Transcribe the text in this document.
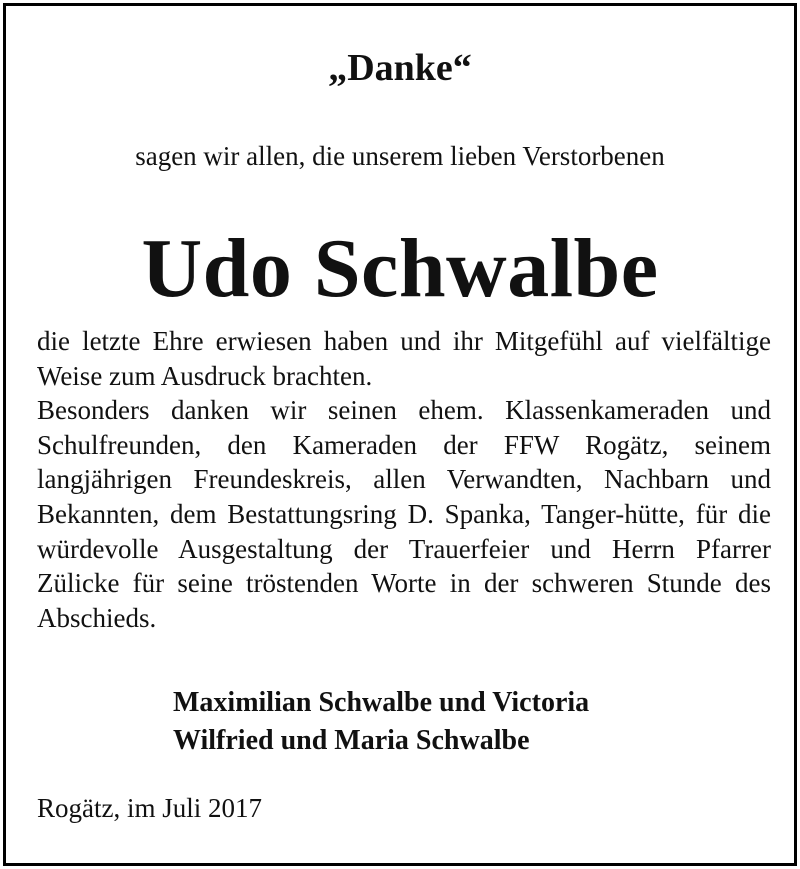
„Danke“
sagen wir allen, die unserem lieben Verstorbenen
Udo Schwalbe

die letzte Ehre erwiesen haben und ihr Mitgefühl auf vielfältige Weise zum Ausdruck brachten.

Besonders danken wir seinen ehem. Klassenkameraden und Schulfreunden, den Kameraden der FFW Rogätz, seinem langjährigen Freundeskreis, allen Verwandten, Nachbarn und Bekannten, dem Bestattungsring D. Spanka, Tanger-hütte, für die würdevolle Ausgestaltung der Trauerfeier und Herrn Pfarrer Zülicke für seine tröstenden Worte in der schweren Stunde des Abschieds.

Maximilian Schwalbe und Victoria
Wilfried und Maria Schwalbe
Rogätz, im Juli 2017
